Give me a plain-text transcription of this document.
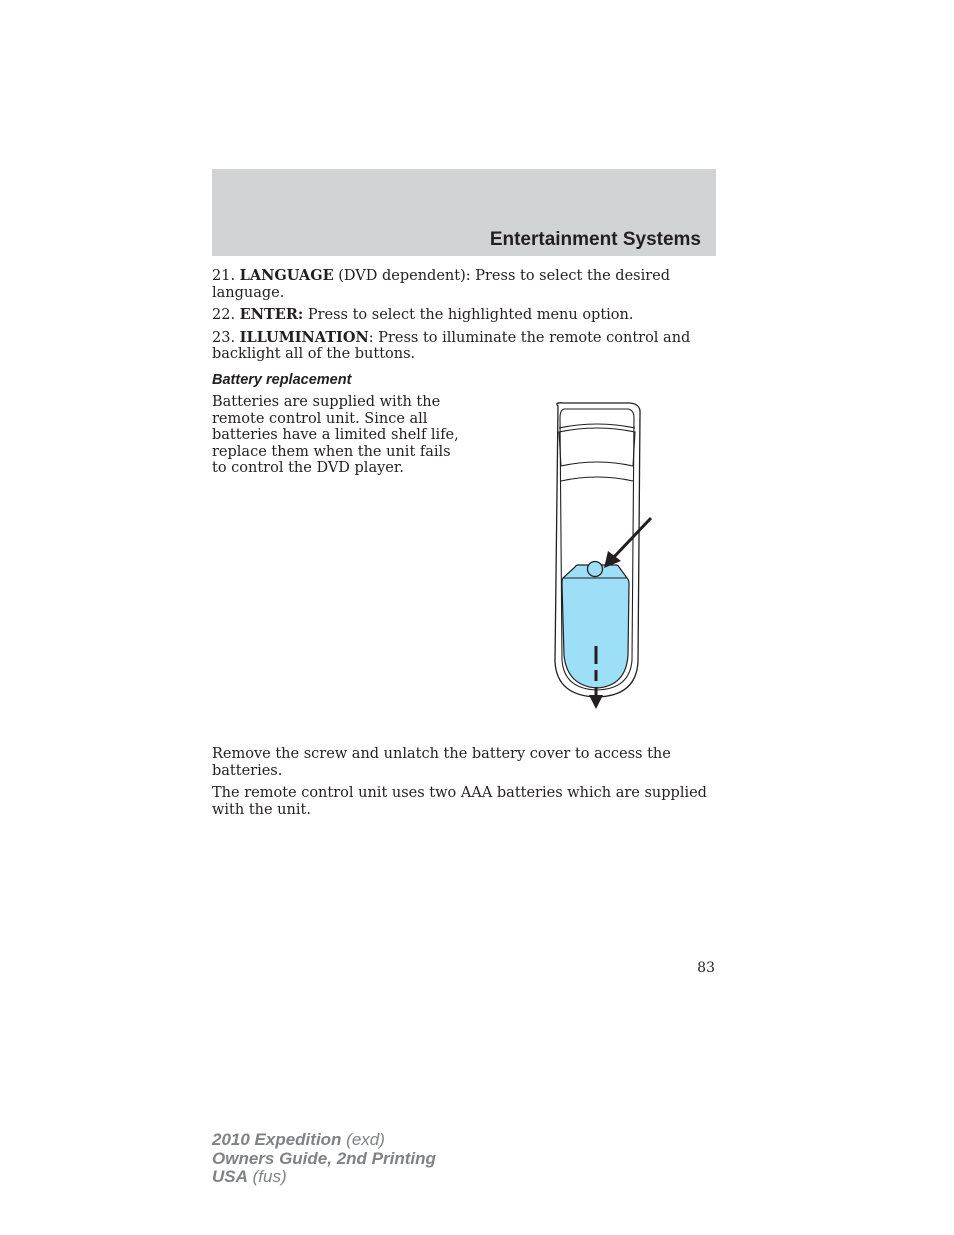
Entertainment Systems

21. LANGUAGE (DVD dependent): Press to select the desired language.

22. ENTER: Press to select the highlighted menu option.

23. ILLUMINATION: Press to illuminate the remote control and backlight all of the buttons.

Battery replacement

Batteries are supplied with the remote control unit. Since all batteries have a limited shelf life, replace them when the unit fails to control the DVD player.

Remove the screw and unlatch the battery cover to access the batteries.

The remote control unit uses two AAA batteries which are supplied with the unit.

83

2010 Expedition (exd)
Owners Guide, 2nd Printing
USA (fus)
